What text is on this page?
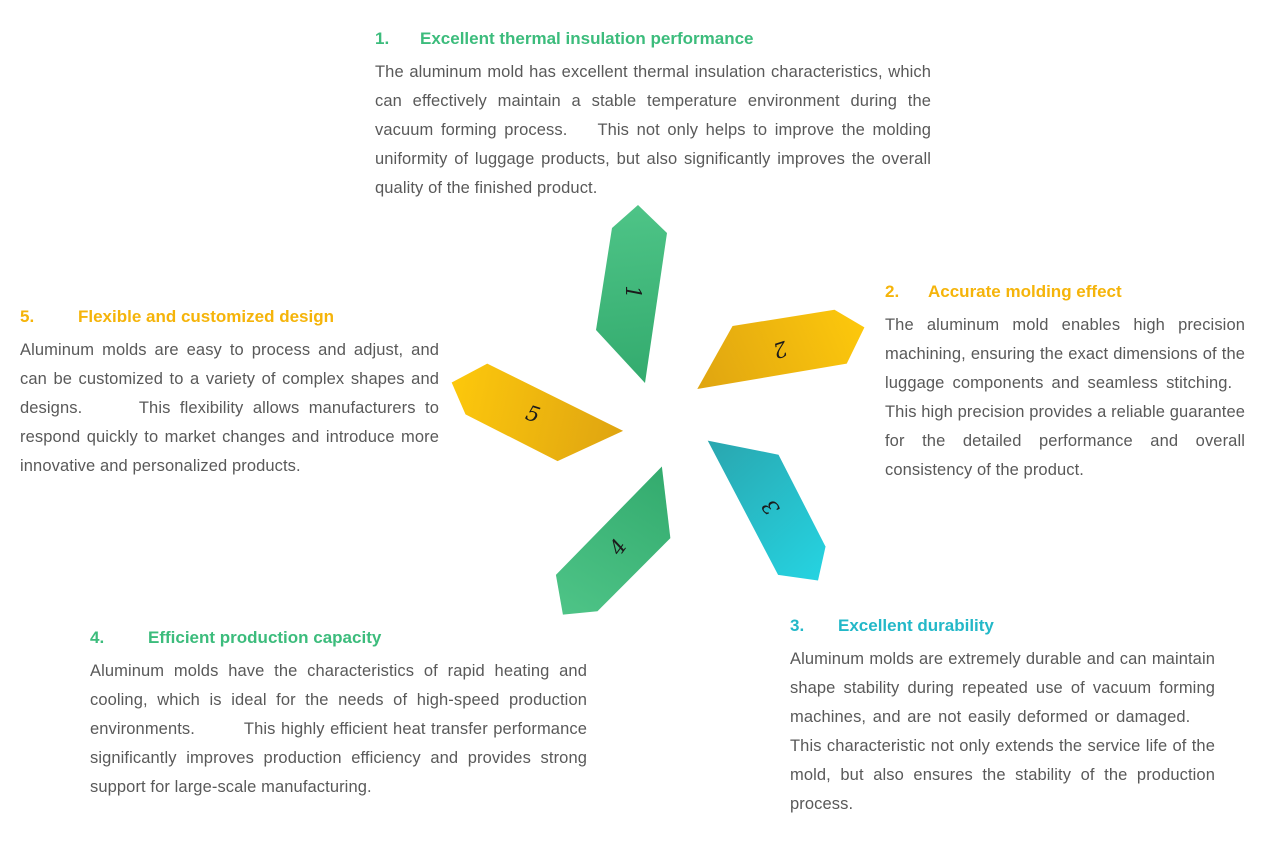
1
2
3
4
5
1.	Excellent thermal insulation performance

The aluminum mold has excellent thermal insulation characteristics, which can effectively maintain a stable temperature environment during the vacuum forming process.    This not only helps to improve the molding uniformity of luggage products, but also significantly improves the overall quality of the finished product.

2.	Accurate molding effect

The aluminum mold enables high precision machining, ensuring the exact dimensions of the luggage components and seamless stitching.   This high precision provides a reliable guarantee for the detailed performance and overall consistency of the product.

3.	Excellent durability

Aluminum molds are extremely durable and can maintain shape stability during repeated use of vacuum forming machines, and are not easily deformed or damaged.     This characteristic not only extends the service life of the mold, but also ensures the stability of the production process.

4.	Efficient production capacity

Aluminum molds have the characteristics of rapid heating and cooling, which is ideal for the needs of high-speed production environments.         This highly efficient heat transfer performance significantly improves production efficiency and provides strong support for large-scale manufacturing.

5.	Flexible and customized design

Aluminum molds are easy to process and adjust, and can be customized to a variety of complex shapes and designs.      This flexibility allows manufacturers to respond quickly to market changes and introduce more innovative and personalized products.
